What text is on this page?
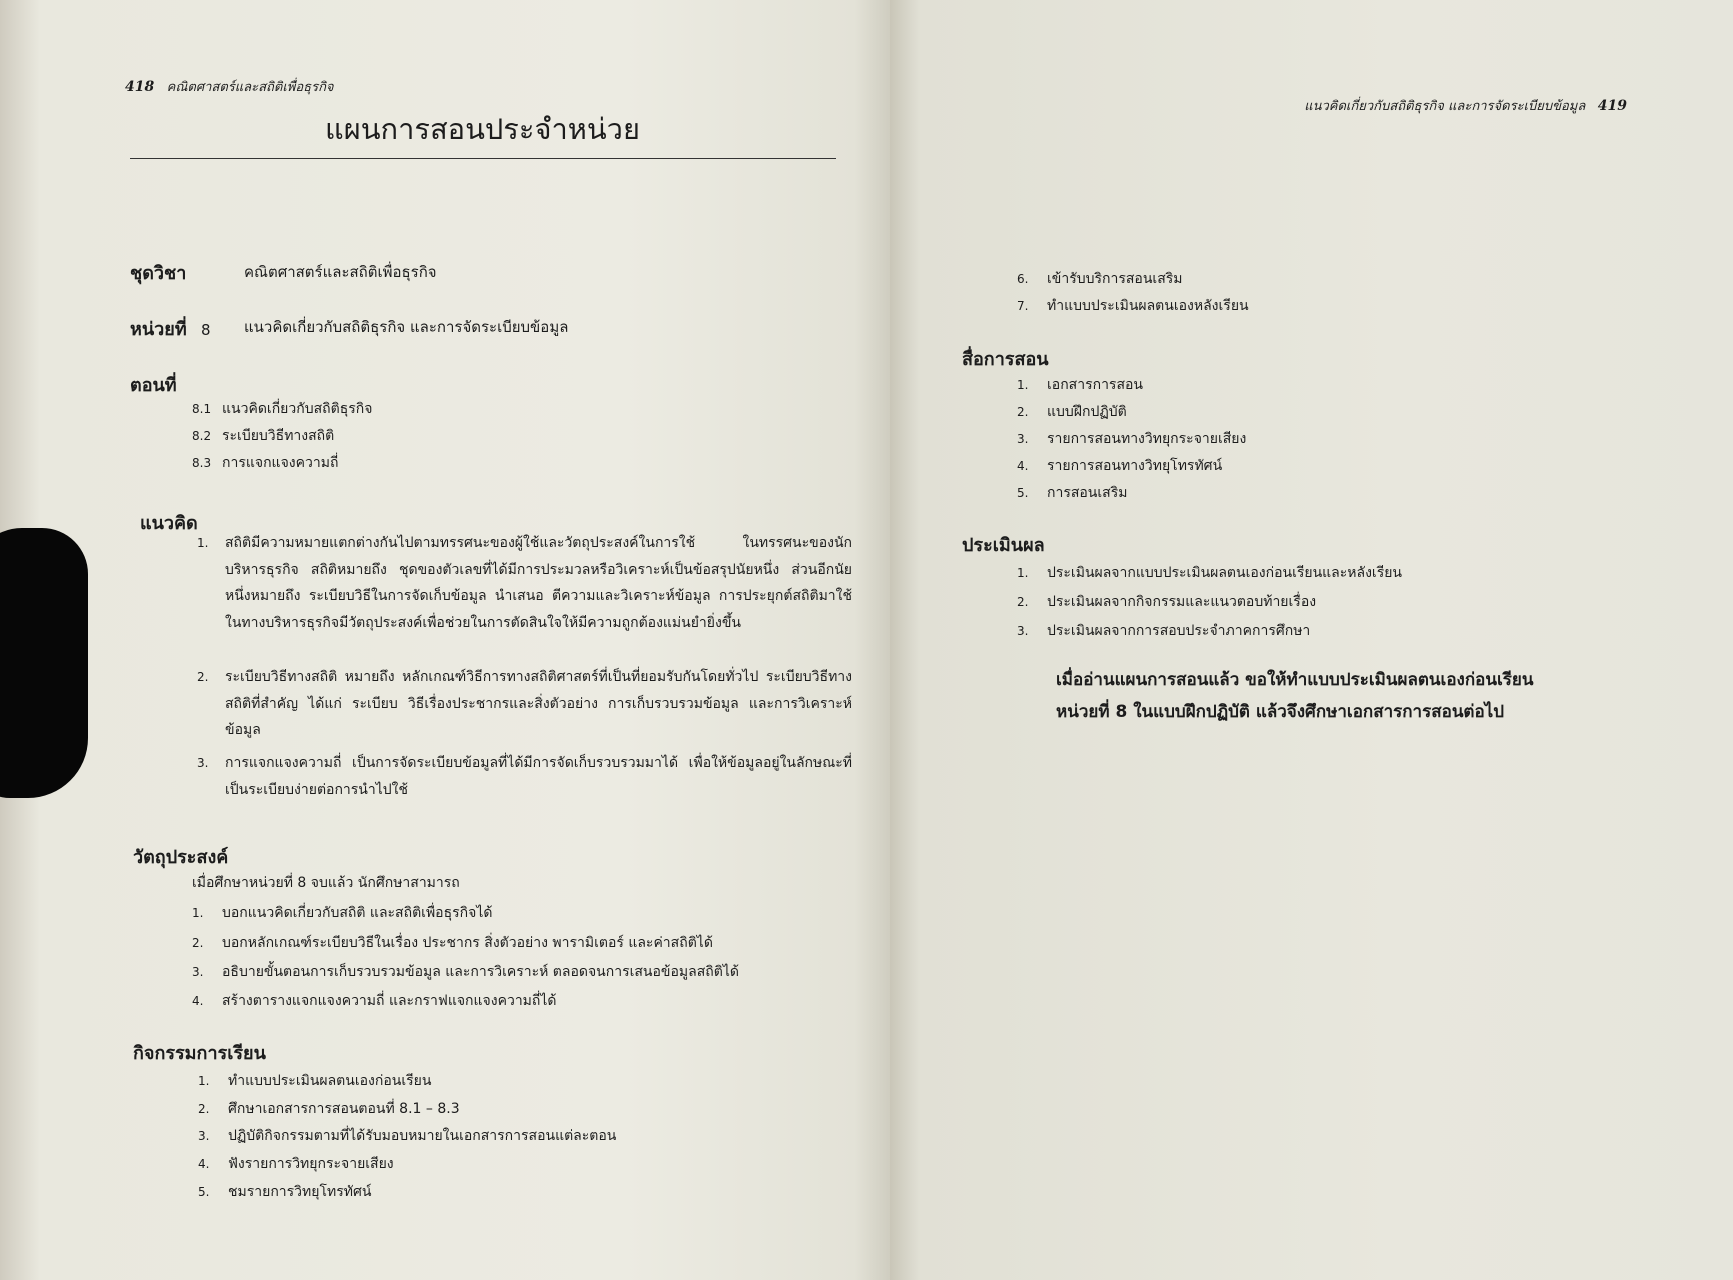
418 คณิตศาสตร์และสถิติเพื่อธุรกิจ
แผนการสอนประจำหน่วย
ชุดวิชา	คณิตศาสตร์และสถิติเพื่อธุรกิจ
หน่วยที่ 8 แนวคิดเกี่ยวกับสถิติธุรกิจ และการจัดระเบียบข้อมูล
ตอนที่
8.1 แนวคิดเกี่ยวกับสถิติธุรกิจ
8.2 ระเบียบวิธีทางสถิติ
8.3 การแจกแจงความถี่
แนวคิด
1. สถิติมีความหมายแตกต่างกันไปตามทรรศนะของผู้ใช้และวัตถุประสงค์ในการใช้ ในทรรศนะของนักบริหารธุรกิจ สถิติหมายถึง ชุดของตัวเลขที่ได้มีการประมวลหรือวิเคราะห์เป็นข้อสรุปนัยหนึ่ง ส่วนอีกนัยหนึ่งหมายถึง ระเบียบวิธีในการจัดเก็บข้อมูล นำเสนอ ตีความและวิเคราะห์ข้อมูล การประยุกต์สถิติมาใช้ในทางบริหารธุรกิจมีวัตถุประสงค์เพื่อช่วยในการตัดสินใจให้มีความถูกต้องแม่นยำยิ่งขึ้น

2. ระเบียบวิธีทางสถิติ หมายถึง หลักเกณฑ์วิธีการทางสถิติศาสตร์ที่เป็นที่ยอมรับกันโดยทั่วไป ระเบียบวิธีทางสถิติที่สำคัญ ได้แก่ ระเบียบ วิธีเรื่องประชากรและสิ่งตัวอย่าง การเก็บรวบรวมข้อมูล และการวิเคราะห์ข้อมูล

3. การแจกแจงความถี่ เป็นการจัดระเบียบข้อมูลที่ได้มีการจัดเก็บรวบรวมมาได้ เพื่อให้ข้อมูลอยู่ในลักษณะที่เป็นระเบียบง่ายต่อการนำไปใช้

วัตถุประสงค์
เมื่อศึกษาหน่วยที่ 8 จบแล้ว นักศึกษาสามารถ
1. บอกแนวคิดเกี่ยวกับสถิติ และสถิติเพื่อธุรกิจได้
2. บอกหลักเกณฑ์ระเบียบวิธีในเรื่อง ประชากร สิ่งตัวอย่าง พารามิเตอร์ และค่าสถิติได้
3. อธิบายขั้นตอนการเก็บรวบรวมข้อมูล และการวิเคราะห์ ตลอดจนการเสนอข้อมูลสถิติได้
4. สร้างตารางแจกแจงความถี่ และกราฟแจกแจงความถี่ได้
กิจกรรมการเรียน
1. ทำแบบประเมินผลตนเองก่อนเรียน
2. ศึกษาเอกสารการสอนตอนที่ 8.1 – 8.3
3. ปฏิบัติกิจกรรมตามที่ได้รับมอบหมายในเอกสารการสอนแต่ละตอน
4. ฟังรายการวิทยุกระจายเสียง
5. ชมรายการวิทยุโทรทัศน์
แนวคิดเกี่ยวกับสถิติธุรกิจ และการจัดระเบียบข้อมูล 419
6. เข้ารับบริการสอนเสริม
7. ทำแบบประเมินผลตนเองหลังเรียน
สื่อการสอน
1. เอกสารการสอน
2. แบบฝึกปฏิบัติ
3. รายการสอนทางวิทยุกระจายเสียง
4. รายการสอนทางวิทยุโทรทัศน์
5. การสอนเสริม
ประเมินผล
1. ประเมินผลจากแบบประเมินผลตนเองก่อนเรียนและหลังเรียน
2. ประเมินผลจากกิจกรรมและแนวตอบท้ายเรื่อง
3. ประเมินผลจากการสอบประจำภาคการศึกษา

เมื่ออ่านแผนการสอนแล้ว ขอให้ทำแบบประเมินผลตนเองก่อนเรียน

หน่วยที่ 8 ในแบบฝึกปฏิบัติ แล้วจึงศึกษาเอกสารการสอนต่อไป
